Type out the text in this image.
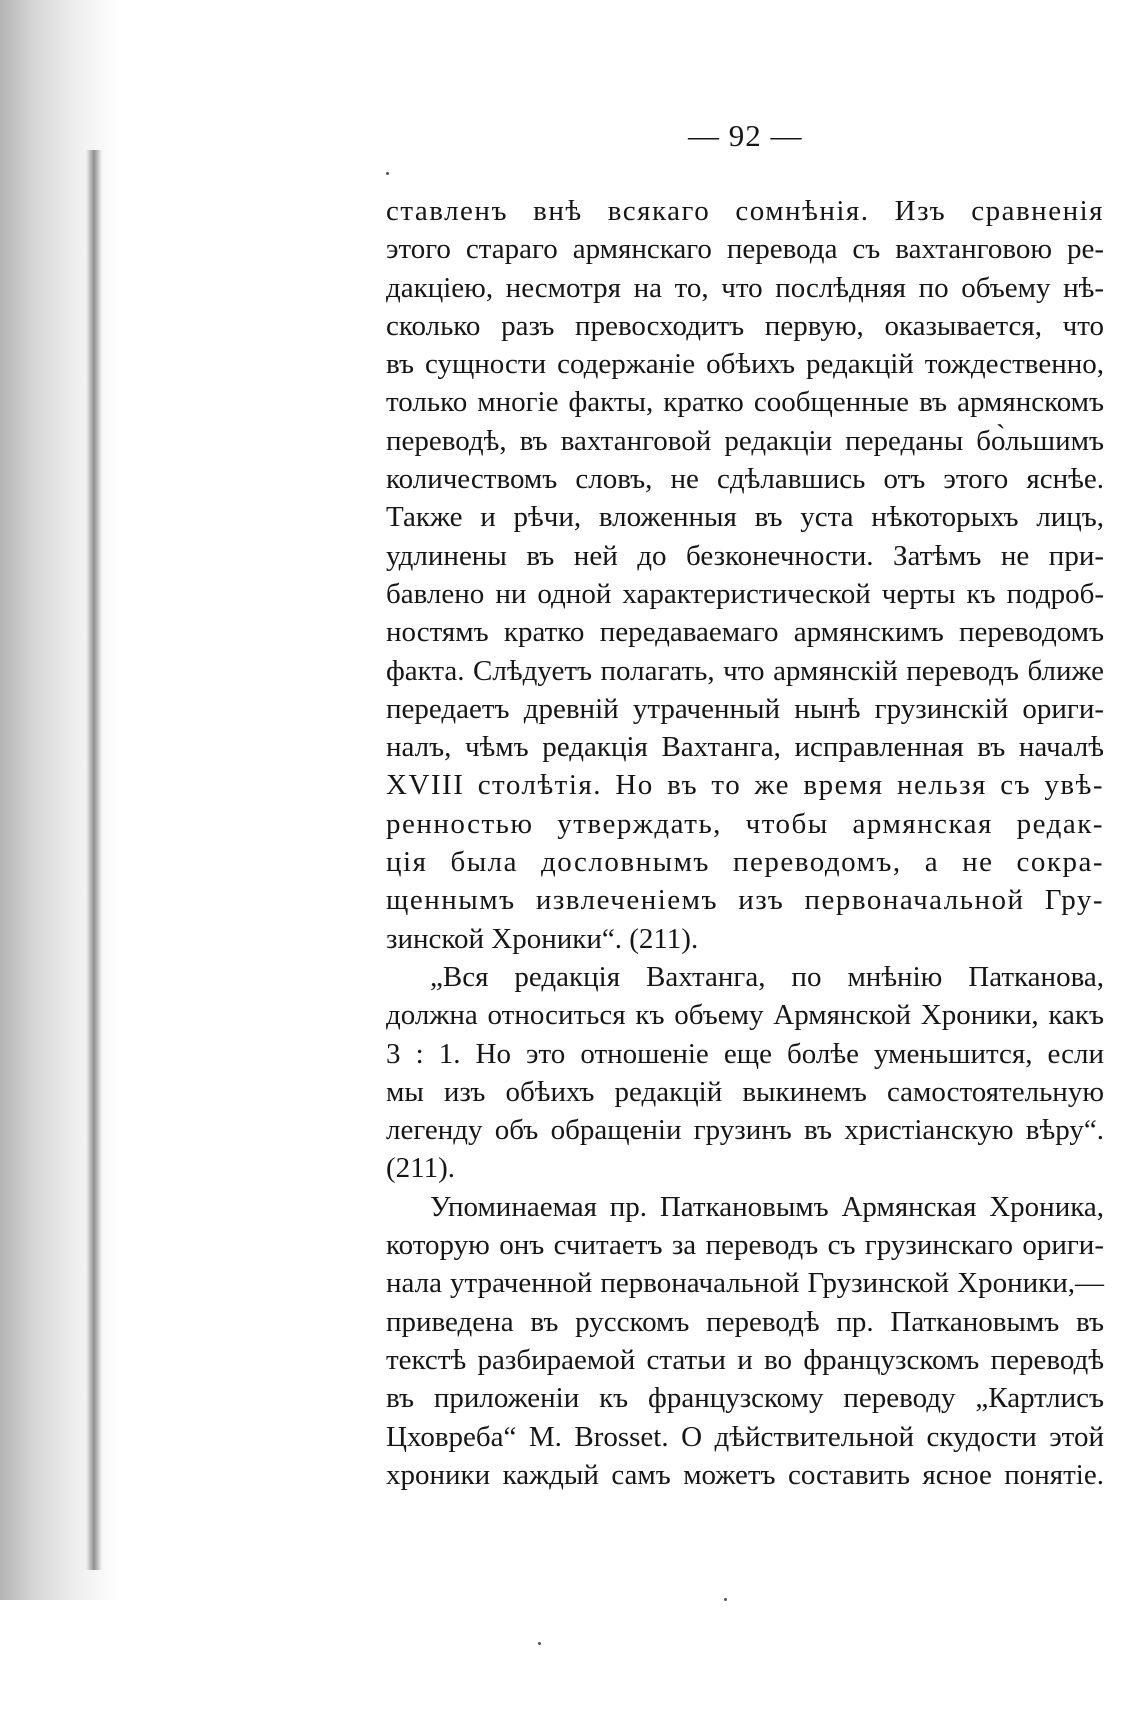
— 92 —
ставленъ внѣ всякаго сомнѣнія. Изъ сравненія
этого стараго армянскаго перевода съ вахтанговою ре-
дакціею, несмотря на то, что послѣдняя по объему нѣ-
сколько разъ превосходитъ первую, оказывается, что
въ сущности содержаніе обѣихъ редакцій тождественно,
только многіе факты, кратко сообщенные въ армянскомъ
переводѣ, въ вахтанговой редакціи переданы бо̀льшимъ
количествомъ словъ, не сдѣлавшись отъ этого яснѣе.
Также и рѣчи, вложенныя въ уста нѣкоторыхъ лицъ,
удлинены въ ней до безконечности. Затѣмъ не при-
бавлено ни одной характеристической черты къ подроб-
ностямъ кратко передаваемаго армянскимъ переводомъ
факта. Слѣдуетъ полагать, что армянскій переводъ ближе
передаетъ древній утраченный нынѣ грузинскій ориги-
налъ, чѣмъ редакція Вахтанга, исправленная въ началѣ
XVIII столѣтія. Но въ то же время нельзя съ увѣ-
ренностью утверждать, чтобы армянская редак-
ція была дословнымъ переводомъ, а не сокра-
щеннымъ извлеченіемъ изъ первоначальной Гру-
зинской Хроники“. (211).
„Вся редакція Вахтанга, по мнѣнію Патканова,
должна относиться къ объему Армянской Хроники, какъ
3 : 1. Но это отношеніе еще болѣе уменьшится, если
мы изъ обѣихъ редакцій выкинемъ самостоятельную
легенду объ обращеніи грузинъ въ христіанскую вѣру“.
(211).
Упоминаемая пр. Паткановымъ Армянская Хроника,
которую онъ считаетъ за переводъ съ грузинскаго ориги-
нала утраченной первоначальной Грузинской Хроники,—
приведена въ русскомъ переводѣ пр. Паткановымъ въ
текстѣ разбираемой статьи и во французскомъ переводѣ
въ приложеніи къ французскому переводу „Картлисъ
Цховреба“ M. Brosset. О дѣйствительной скудости этой
хроники каждый самъ можетъ составить ясное понятіе.
